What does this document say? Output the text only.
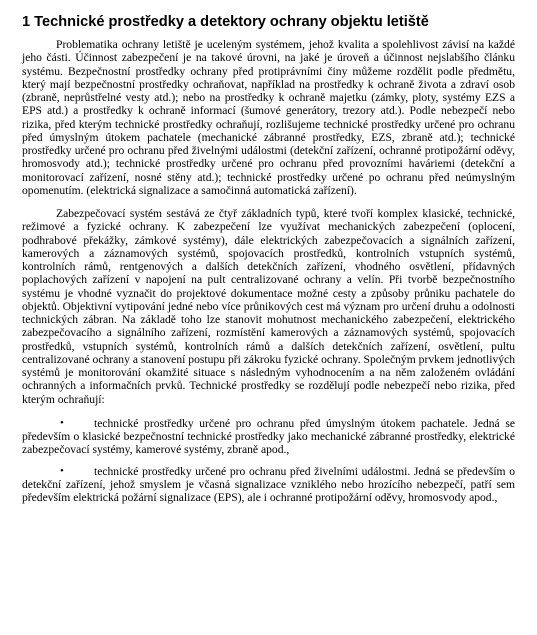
1 Technické prostředky a detektory ochrany objektu letiště

Problematika ochrany letiště je uceleným systémem, jehož kvalita a spolehlivost závisí na každé jeho části. Účinnost zabezpečení je na takové úrovni, na jaké je úroveň a účinnost nejslabšího článku systému. Bezpečnostní prostředky ochrany před protiprávními činy můžeme rozdělit podle předmětu, který mají bezpečnostní prostředky ochraňovat, například na prostředky k ochraně života a zdraví osob (zbraně, neprůstřelné vesty atd.); nebo na prostředky k ochraně majetku (zámky, ploty, systémy EZS a EPS atd.) a prostředky k ochraně informací (šumové generátory, trezory atd.). Podle nebezpečí nebo rizika, před kterým technické prostředky ochraňují, rozlišujeme technické prostředky určené pro ochranu před úmyslným útokem pachatele (mechanické zábranné prostředky, EZS, zbraně atd.); technické prostředky určené pro ochranu před živelnými událostmi (detekční zařízení, ochranné protipožární oděvy, hromosvody atd.); technické prostředky určené pro ochranu před provozními haváriemi (detekční a monitorovací zařízení, nosné stěny atd.); technické prostředky určené po ochranu před neúmyslným opomenutím. (elektrická signalizace a samočinná automatická zařízení).

Zabezpečovací systém sestává ze čtyř základních typů, které tvoří komplex klasické, technické, režimové a fyzické ochrany. K zabezpečení lze využívat mechanických zabezpečení (oplocení, podhrabové překážky, zámkové systémy), dále elektrických zabezpečovacích a signálních zařízení, kamerových a záznamových systémů, spojovacích prostředků, kontrolních vstupních systémů, kontrolních rámů, rentgenových a dalších detekčních zařízení, vhodného osvětlení, přídavných poplachových zařízení v napojení na pult centralizované ochrany a velín. Při tvorbě bezpečnostního systému je vhodné vyznačit do projektové dokumentace možné cesty a způsoby průniku pachatele do objektů. Objektivní vytipování jedné nebo více průnikových cest má význam pro určení druhu a odolnosti technických zábran. Na základě toho lze stanovit mohutnost mechanického zabezpečení, elektrického zabezpečovacího a signálního zařízení, rozmístění kamerových a záznamových systémů, spojovacích prostředků, vstupních systémů, kontrolních rámů a dalších detekčních zařízení, osvětlení, pultu centralizované ochrany a stanovení postupu při zákroku fyzické ochrany. Společným prvkem jednotlivých systémů je monitorování okamžité situace s následným vyhodnocením a na něm založeném ovládání ochranných a informačních prvků. Technické prostředky se rozdělují podle nebezpečí nebo rizika, před kterým ochraňují:

•	technické prostředky určené pro ochranu před úmyslným útokem pachatele. Jedná se především o klasické bezpečnostní technické prostředky jako mechanické zábranné prostředky, elektrické zabezpečovací systémy, kamerové systémy, zbraně apod.,
•	technické prostředky určené pro ochranu před živelními událostmi. Jedná se především o detekční zařízení, jehož smyslem je včasná signalizace vzniklého nebo hrozícího nebezpečí, patří sem především elektrická požární signalizace (EPS), ale i ochranné protipožární oděvy, hromosvody apod.,
